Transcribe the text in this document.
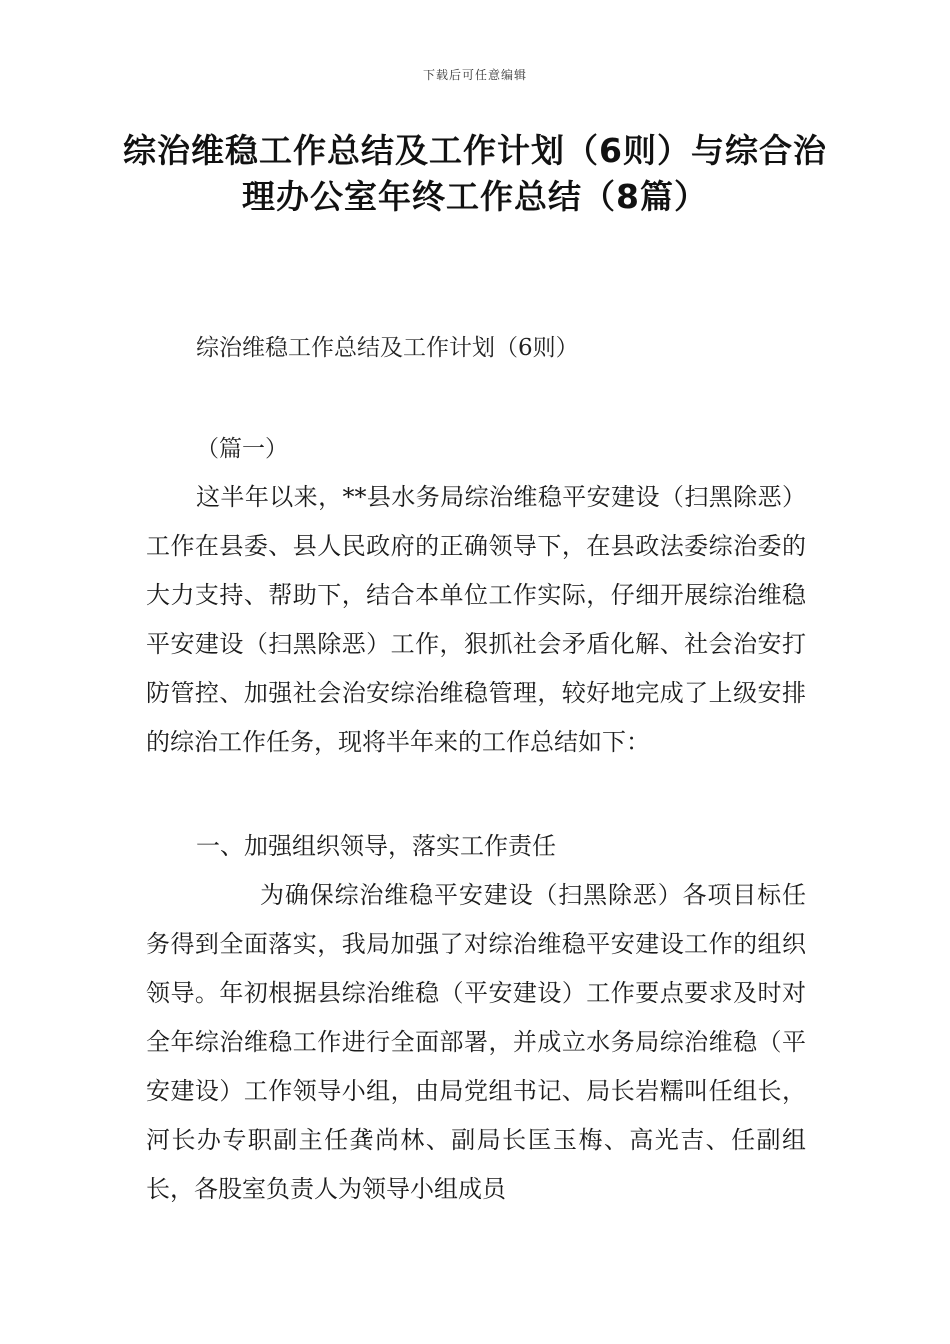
下载后可任意编辑
综治维稳工作总结及工作计划（6则）与综合治理办公室年终工作总结（8篇）
综治维稳工作总结及工作计划（6则）
（篇一）

这半年以来，**县水务局综治维稳平安建设（扫黑除恶）工作在县委、县人民政府的正确领导下，在县政法委综治委的大力支持、帮助下，结合本单位工作实际，仔细开展综治维稳平安建设（扫黑除恶）工作，狠抓社会矛盾化解、社会治安打防管控、加强社会治安综治维稳管理，较好地完成了上级安排的综治工作任务，现将半年来的工作总结如下：

一、加强组织领导，落实工作责任

为确保综治维稳平安建设（扫黑除恶）各项目标任务得到全面落实，我局加强了对综治维稳平安建设工作的组织领导。年初根据县综治维稳（平安建设）工作要点要求及时对全年综治维稳工作进行全面部署，并成立水务局综治维稳（平安建设）工作领导小组，由局党组书记、局长岩糯叫任组长，河长办专职副主任龚尚林、副局长匡玉梅、高光吉、任副组长，各股室负责人为领导小组成员
